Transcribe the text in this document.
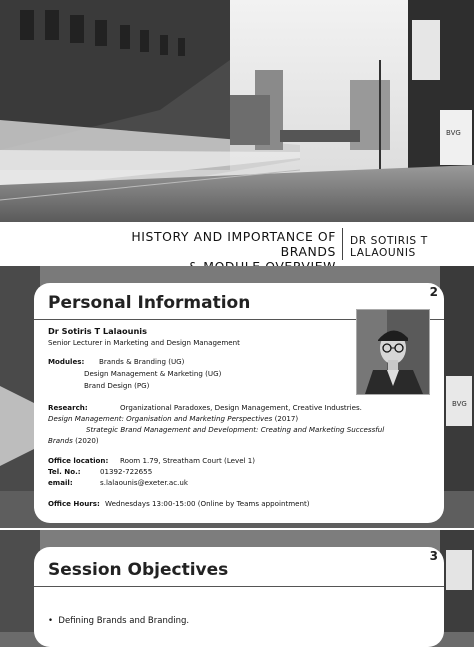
BVG
HISTORY AND IMPORTANCE OF BRANDS
DR SOTIRIS T LALAOUNIS
BVG
Personal Information
2
Dr Sotiris T Lalaounis
Senior Lecturer in Marketing and Design Management
Modules: Brands & Branding (UG)
Design Management & Marketing (UG)
Brand Design (PG)
Research:	Organizational Paradoxes, Design Management, Creative Industries.
Design Management: Organisation and Marketing Perspectives (2017)
Strategic Brand Management and Development: Creating and Marketing Successful
Brands (2020)
Office location: Room 1.79, Streatham Court (Level 1)
Tel. No.:	01392-722655
email:	s.lalaounis@exeter.ac.uk
Office Hours: Wednesdays 13:00-15:00 (Online by Teams appointment)
Session Objectives
3
•  Defining Brands and Branding.
